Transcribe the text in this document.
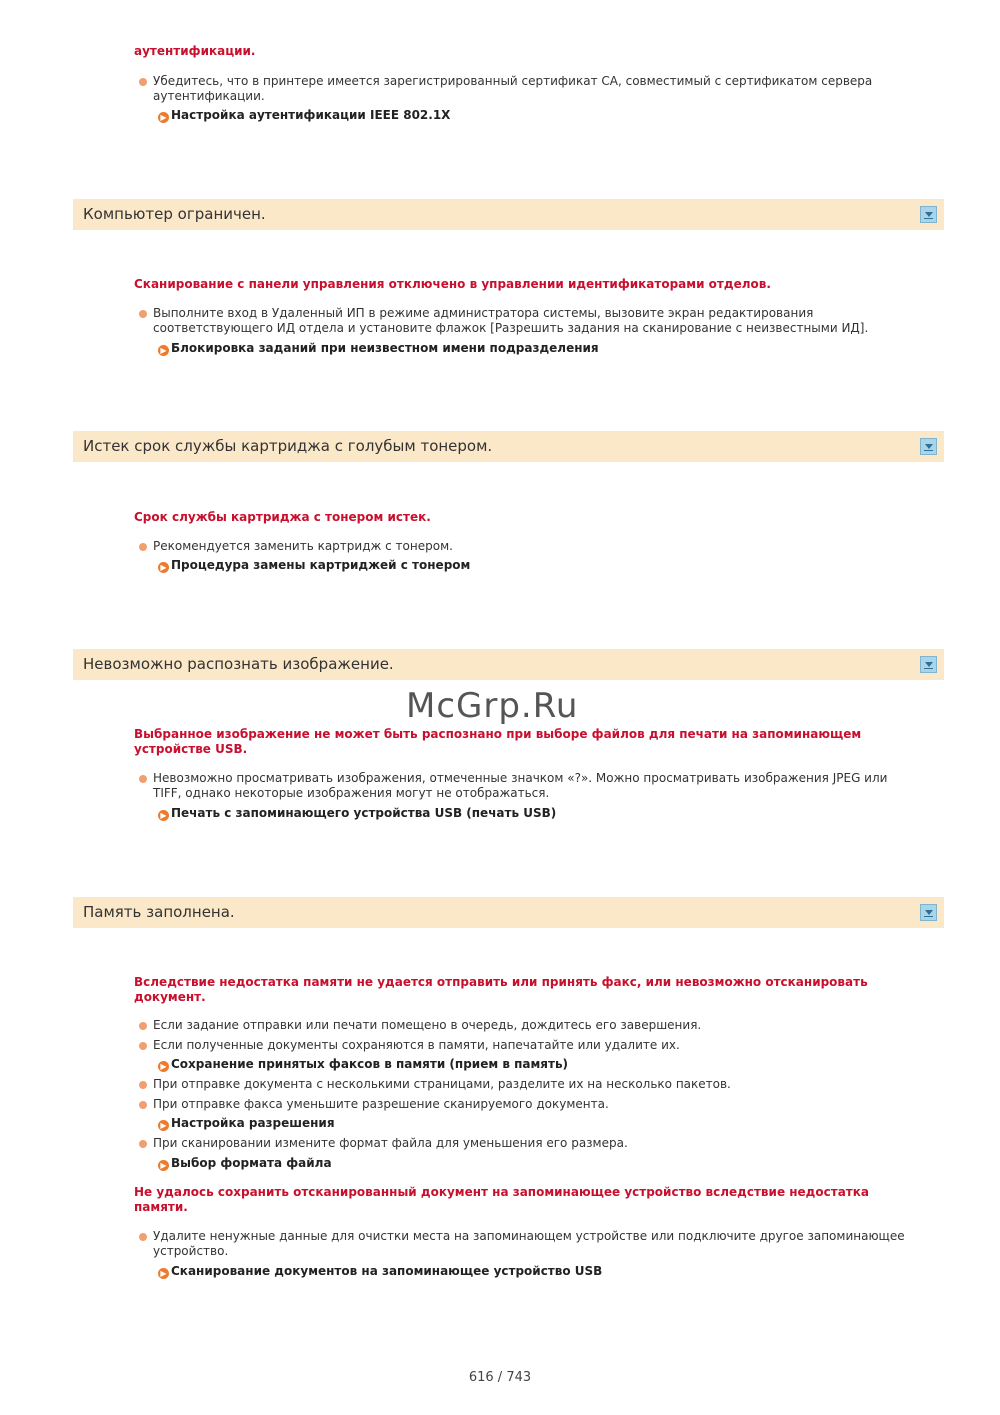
аутентификации.
Убедитесь, что в принтере имеется зарегистрированный сертификат CA, совместимый с сертификатом сервера аутентификации.
▶ Настройка аутентификации IEEE 802.1X
Компьютер ограничен.
Сканирование с панели управления отключено в управлении идентификаторами отделов.
Выполните вход в Удаленный ИП в режиме администратора системы, вызовите экран редактирования соответствующего ИД отдела и установите флажок [Разрешить задания на сканирование с неизвестными ИД].
▶ Блокировка заданий при неизвестном имени подразделения
Истек срок службы картриджа с голубым тонером.
Срок службы картриджа с тонером истек.
Рекомендуется заменить картридж с тонером.
▶ Процедура замены картриджей с тонером
Невозможно распознать изображение.
McGrp.Ru
Выбранное изображение не может быть распознано при выборе файлов для печати на запоминающем устройстве USB.
Невозможно просматривать изображения, отмеченные значком «?». Можно просматривать изображения JPEG или TIFF, однако некоторые изображения могут не отображаться.
▶ Печать с запоминающего устройства USB (печать USB)
Память заполнена.
Вследствие недостатка памяти не удается отправить или принять факс, или невозможно отсканировать документ.
Если задание отправки или печати помещено в очередь, дождитесь его завершения.
Если полученные документы сохраняются в памяти, напечатайте или удалите их.
▶ Сохранение принятых факсов в памяти (прием в память)
При отправке документа с несколькими страницами, разделите их на несколько пакетов.
При отправке факса уменьшите разрешение сканируемого документа.
▶ Настройка разрешения
При сканировании измените формат файла для уменьшения его размера.
▶ Выбор формата файла
Не удалось сохранить отсканированный документ на запоминающее устройство вследствие недостатка памяти.
Удалите ненужные данные для очистки места на запоминающем устройстве или подключите другое запоминающее устройство.
▶ Сканирование документов на запоминающее устройство USB
616 / 743
